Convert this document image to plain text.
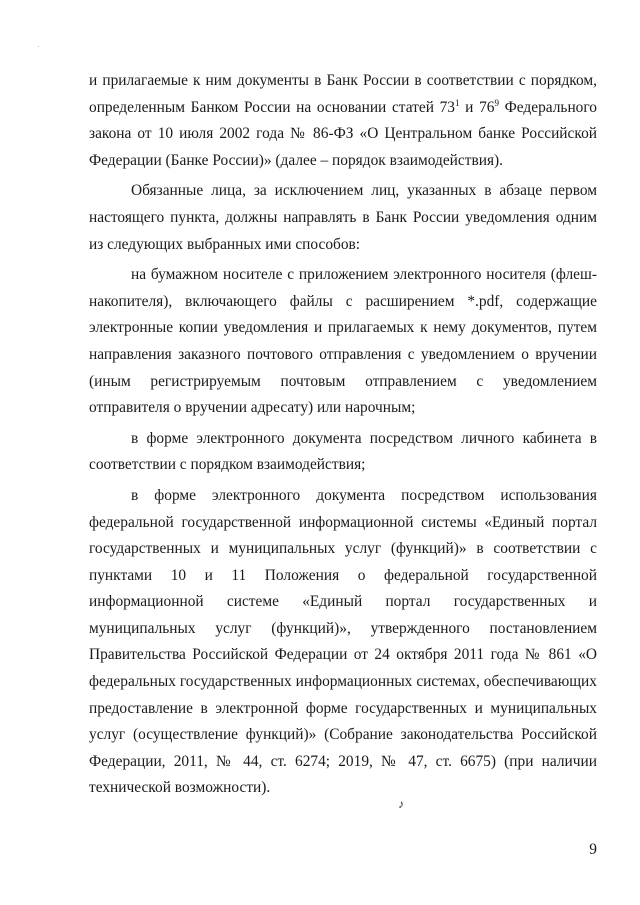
и прилагаемые к ним документы в Банк России в соответствии с порядком, определенным Банком России на основании статей $73^1$ и $76^9$ Федерального закона от 10 июля 2002 года № 86-ФЗ «О Центральном банке Российской Федерации (Банке России)» (далее – порядок взаимодействия).

Обязанные лица, за исключением лиц, указанных в абзаце первом настоящего пункта, должны направлять в Банк России уведомления одним из следующих выбранных ими способов:

на бумажном носителе с приложением электронного носителя (флеш-накопителя), включающего файлы с расширением *.pdf, содержащие электронные копии уведомления и прилагаемых к нему документов, путем направления заказного почтового отправления с уведомлением о вручении (иным регистрируемым почтовым отправлением с уведомлением отправителя о вручении адресату) или нарочным;

в форме электронного документа посредством личного кабинета в соответствии с порядком взаимодействия;

в форме электронного документа посредством использования федеральной государственной информационной системы «Единый портал государственных и муниципальных услуг (функций)» в соответствии с пунктами 10 и 11 Положения о федеральной государственной информационной системе «Единый портал государственных и муниципальных услуг (функций)», утвержденного постановлением Правительства Российской Федерации от 24 октября 2011 года № 861 «О федеральных государственных информационных системах, обеспечивающих предоставление в электронной форме государственных и муниципальных услуг (осуществление функций)» (Собрание законодательства Российской Федерации, 2011, № 44, ст. 6274; 2019, № 47, ст. 6675) (при наличии технической возможности).

♪
9
